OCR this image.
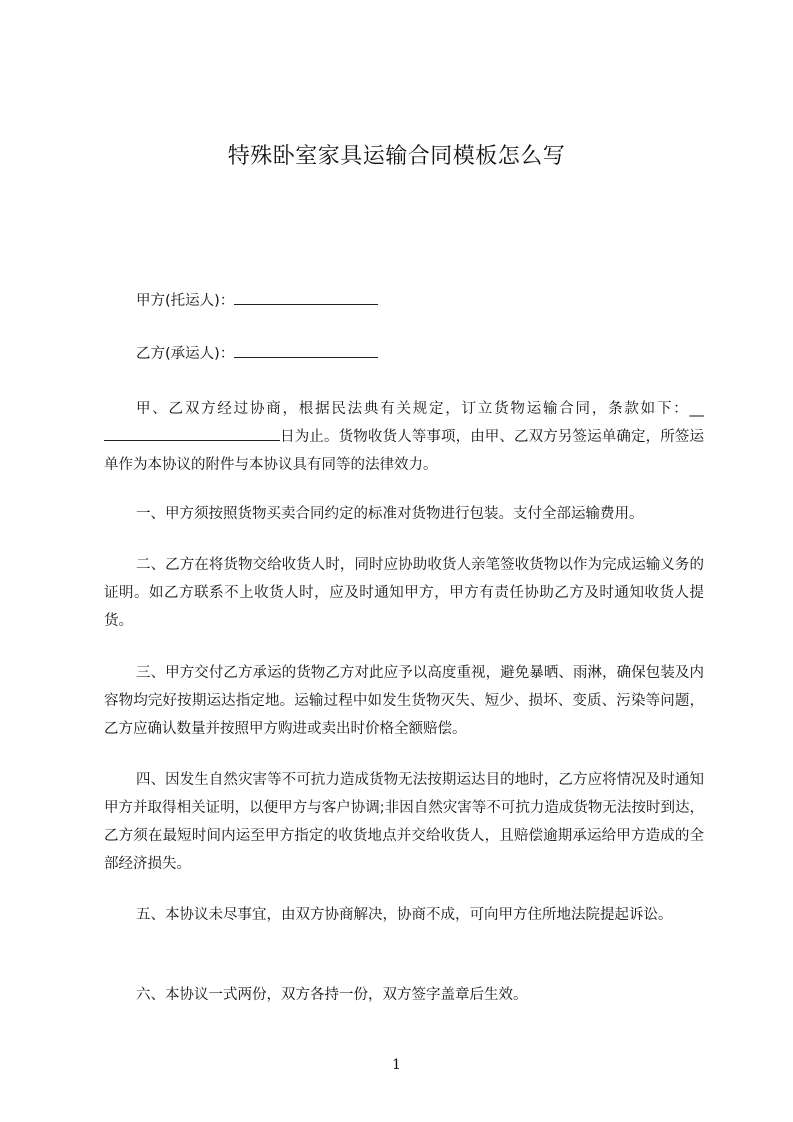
特殊卧室家具运输合同模板怎么写
甲方(托运人)：
乙方(承运人)：

甲、乙双方经过协商，根据民法典有关规定，订立货物运输合同，条款如下：__日为止。货物收货人等事项，由甲、乙双方另签运单确定，所签运单作为本协议的附件与本协议具有同等的法律效力。

一、甲方须按照货物买卖合同约定的标准对货物进行包装。支付全部运输费用。

二、乙方在将货物交给收货人时，同时应协助收货人亲笔签收货物以作为完成运输义务的证明。如乙方联系不上收货人时，应及时通知甲方，甲方有责任协助乙方及时通知收货人提货。

三、甲方交付乙方承运的货物乙方对此应予以高度重视，避免暴晒、雨淋，确保包装及内容物均完好按期运达指定地。运输过程中如发生货物灭失、短少、损坏、变质、污染等问题，乙方应确认数量并按照甲方购进或卖出时价格全额赔偿。

四、因发生自然灾害等不可抗力造成货物无法按期运达目的地时，乙方应将情况及时通知甲方并取得相关证明，以便甲方与客户协调;非因自然灾害等不可抗力造成货物无法按时到达，乙方须在最短时间内运至甲方指定的收货地点并交给收货人，且赔偿逾期承运给甲方造成的全部经济损失。

五、本协议未尽事宜，由双方协商解决，协商不成，可向甲方住所地法院提起诉讼。

六、本协议一式两份，双方各持一份，双方签字盖章后生效。

1
